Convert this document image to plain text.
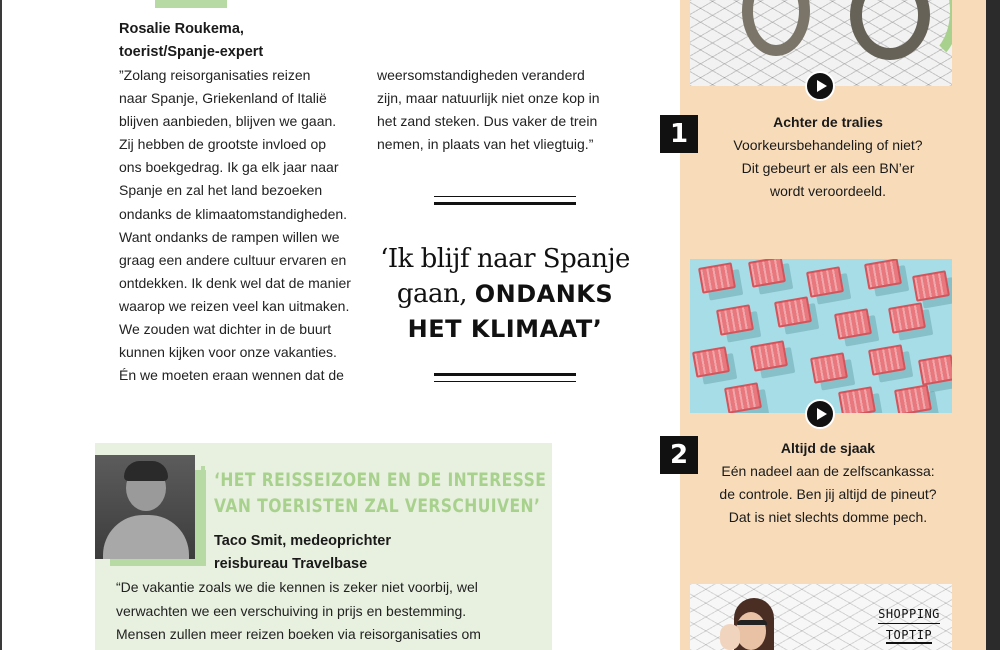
Rosalie Roukema,
toerist/Spanje-expert
”Zolang reisorganisaties reizen
naar Spanje, Griekenland of Italië
blijven aanbieden, blijven we gaan.
Zij hebben de grootste invloed op
ons boekgedrag. Ik ga elk jaar naar
Spanje en zal het land bezoeken
ondanks de klimaatomstandigheden.
Want ondanks de rampen willen we
graag een andere cultuur ervaren en
ontdekken. Ik denk wel dat de manier
waarop we reizen veel kan uitmaken.
We zouden wat dichter in de buurt
kunnen kijken voor onze vakanties.
Én we moeten eraan wennen dat de
weersomstandigheden veranderd
zijn, maar natuurlijk niet onze kop in
het zand steken. Dus vaker de trein
nemen, in plaats van het vliegtuig.”
‘Ik blijf naar Spanje
gaan, ONDANKS
HET KLIMAAT’
‘HET REISSEIZOEN EN DE INTERESSE
VAN TOERISTEN ZAL VERSCHUIVEN’
Taco Smit, medeoprichter
reisbureau Travelbase
“De vakantie zoals we die kennen is zeker niet voorbij, wel
verwachten we een verschuiving in prijs en bestemming.
Mensen zullen meer reizen boeken via reisorganisaties om
1	Achter de tralies
Voorkeursbehandeling of niet?
Dit gebeurt er als een BN’er
wordt veroordeeld.
2	Altijd de sjaak
Eén nadeel aan de zelfscankassa:
de controle. Ben jij altijd de pineut?
Dat is niet slechts domme pech.
SHOPPING
TOPTIP
